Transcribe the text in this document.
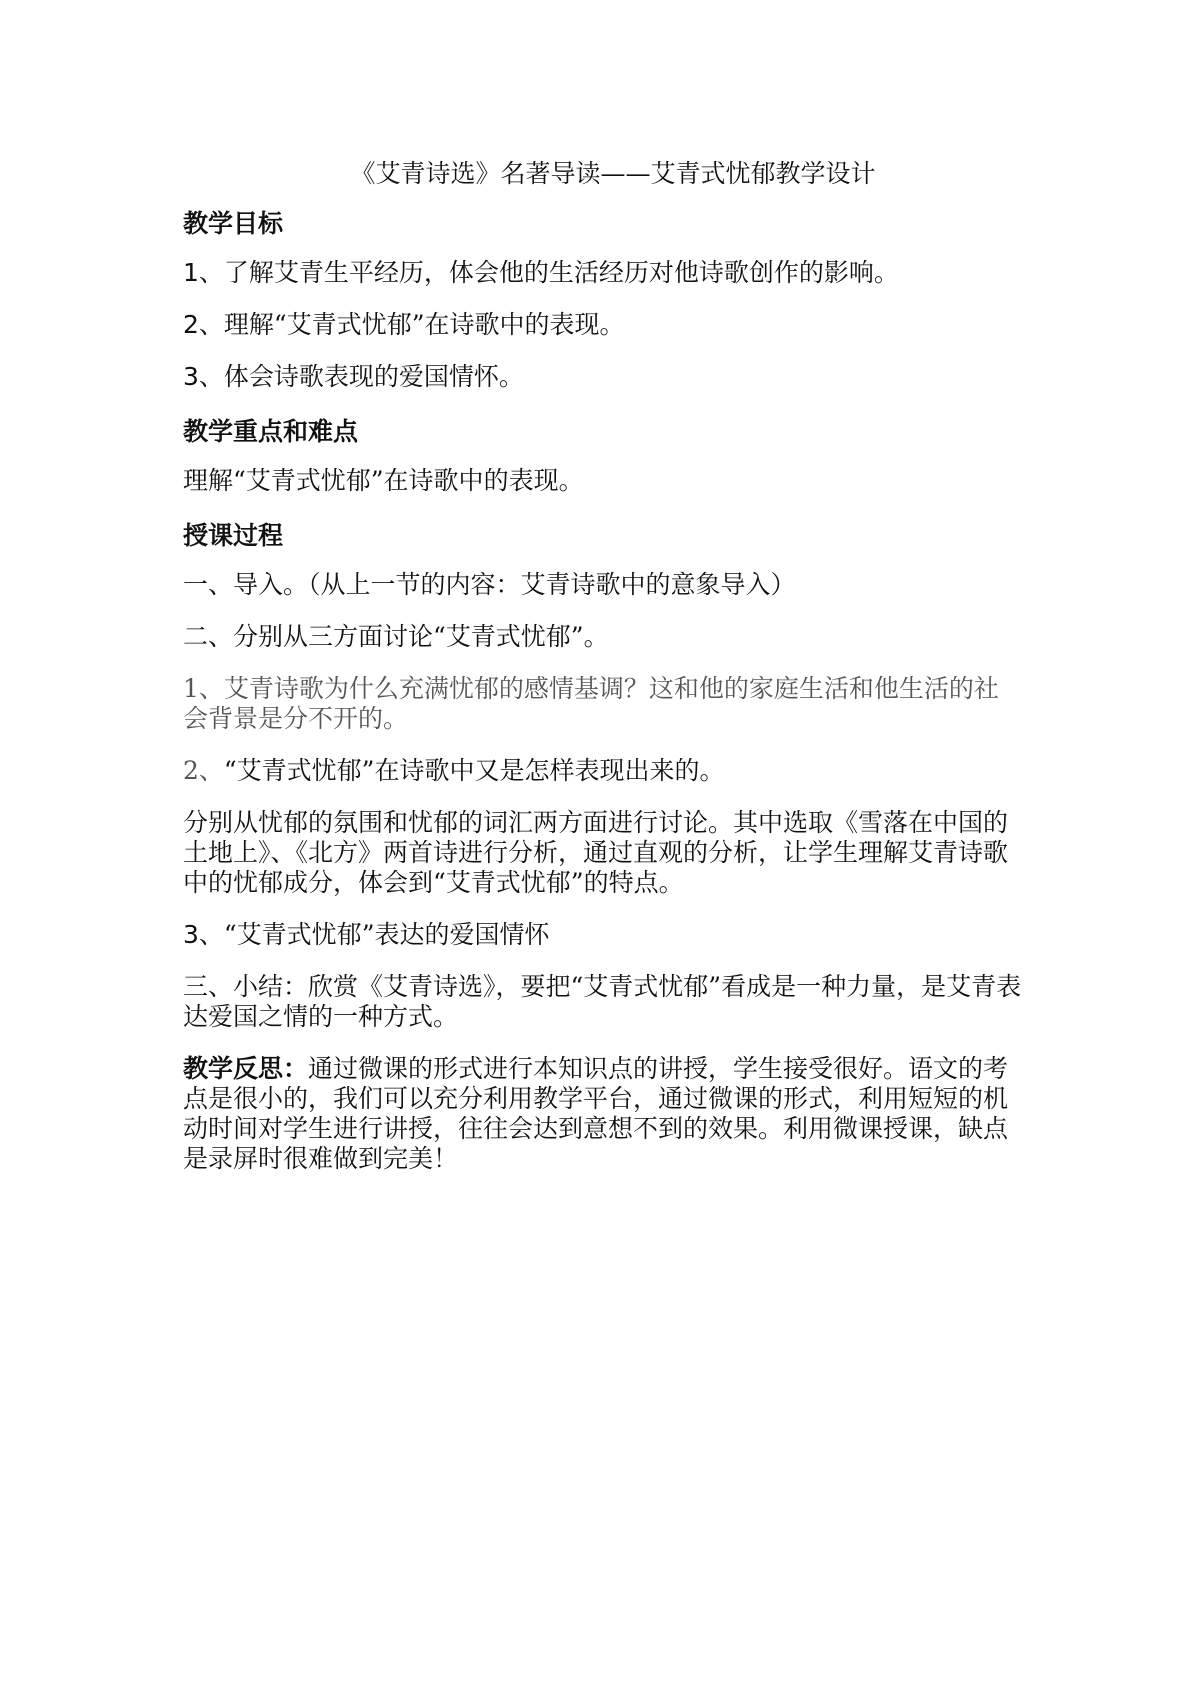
《艾青诗选》名著导读——艾青式忧郁教学设计
教学目标
1、了解艾青生平经历，体会他的生活经历对他诗歌创作的影响。
2、理解“艾青式忧郁”在诗歌中的表现。
3、体会诗歌表现的爱国情怀。
教学重点和难点
理解“艾青式忧郁”在诗歌中的表现。
授课过程
一、导入。（从上一节的内容：艾青诗歌中的意象导入）
二、分别从三方面讨论“艾青式忧郁”。
1、艾青诗歌为什么充满忧郁的感情基调？这和他的家庭生活和他生活的社会背景是分不开的。
2、“艾青式忧郁”在诗歌中又是怎样表现出来的。
分别从忧郁的氛围和忧郁的词汇两方面进行讨论。其中选取《雪落在中国的土地上》、《北方》两首诗进行分析，通过直观的分析，让学生理解艾青诗歌中的忧郁成分，体会到“艾青式忧郁”的特点。
3、“艾青式忧郁”表达的爱国情怀
三、小结：欣赏《艾青诗选》，要把“艾青式忧郁”看成是一种力量，是艾青表达爱国之情的一种方式。
教学反思：通过微课的形式进行本知识点的讲授，学生接受很好。语文的考点是很小的，我们可以充分利用教学平台，通过微课的形式，利用短短的机动时间对学生进行讲授，往往会达到意想不到的效果。利用微课授课，缺点是录屏时很难做到完美！
